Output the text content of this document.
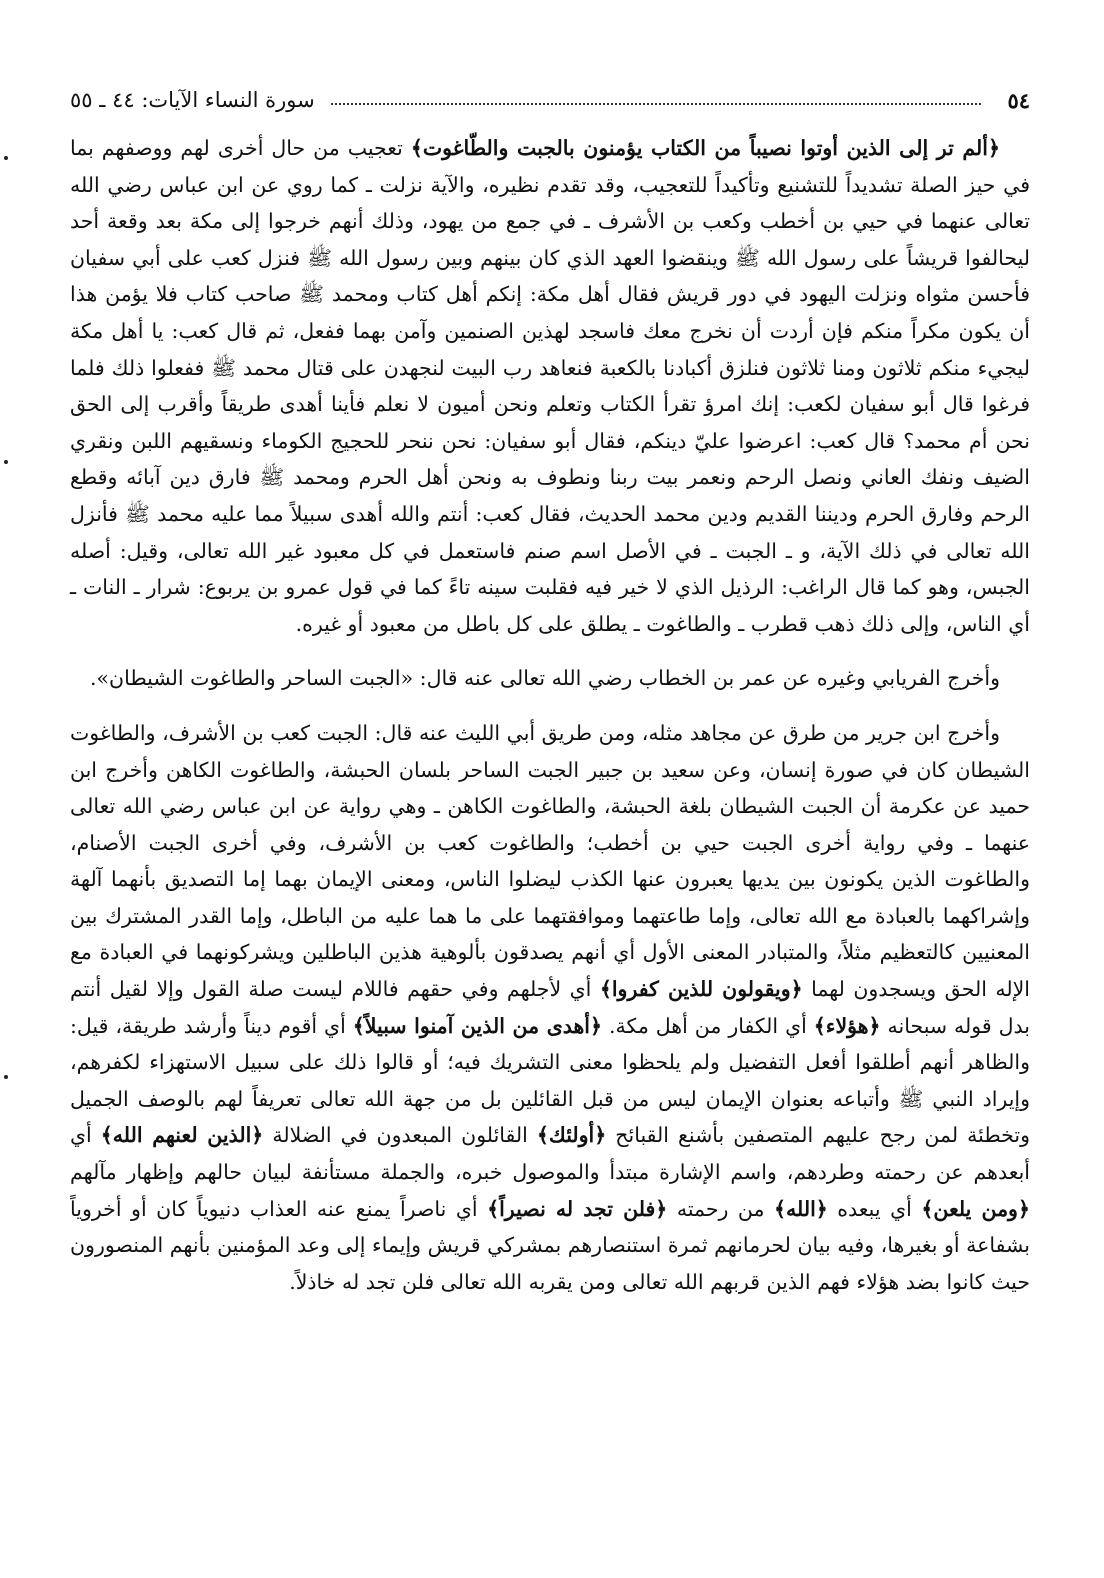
٥٤
سورة النساء الآيات: ٤٤ ـ ٥٥

﴿ألم تر إلى الذين أوتوا نصيباً من الكتاب يؤمنون بالجبت والطّاغوت﴾ تعجيب من حال أخرى لهم ووصفهم بما في حيز الصلة تشديداً للتشنيع وتأكيداً للتعجيب، وقد تقدم نظيره، والآية نزلت ـ كما روي عن ابن عباس رضي الله تعالى عنهما في حيي بن أخطب وكعب بن الأشرف ـ في جمع من يهود، وذلك أنهم خرجوا إلى مكة بعد وقعة أحد ليحالفوا قريشاً على رسول الله ﷺ وينقضوا العهد الذي كان بينهم وبين رسول الله ﷺ فنزل كعب على أبي سفيان فأحسن مثواه ونزلت اليهود في دور قريش فقال أهل مكة: إنكم أهل كتاب ومحمد ﷺ صاحب كتاب فلا يؤمن هذا أن يكون مكراً منكم فإن أردت أن نخرج معك فاسجد لهذين الصنمين وآمن بهما ففعل، ثم قال كعب: يا أهل مكة ليجيء منكم ثلاثون ومنا ثلاثون فنلزق أكبادنا بالكعبة فنعاهد رب البيت لنجهدن على قتال محمد ﷺ ففعلوا ذلك فلما فرغوا قال أبو سفيان لكعب: إنك امرؤ تقرأ الكتاب وتعلم ونحن أميون لا نعلم فأينا أهدى طريقاً وأقرب إلى الحق نحن أم محمد؟ قال كعب: اعرضوا عليّ دينكم، فقال أبو سفيان: نحن ننحر للحجيج الكوماء ونسقيهم اللبن ونقري الضيف ونفك العاني ونصل الرحم ونعمر بيت ربنا ونطوف به ونحن أهل الحرم ومحمد ﷺ فارق دين آبائه وقطع الرحم وفارق الحرم وديننا القديم ودين محمد الحديث، فقال كعب: أنتم والله أهدى سبيلاً مما عليه محمد ﷺ فأنزل الله تعالى في ذلك الآية، و ـ الجبت ـ في الأصل اسم صنم فاستعمل في كل معبود غير الله تعالى، وقيل: أصله الجبس، وهو كما قال الراغب: الرذيل الذي لا خير فيه فقلبت سينه تاءً كما في قول عمرو بن يربوع: شرار ـ النات ـ أي الناس، وإلى ذلك ذهب قطرب ـ والطاغوت ـ يطلق على كل باطل من معبود أو غيره.

وأخرج الفريابي وغيره عن عمر بن الخطاب رضي الله تعالى عنه قال: «الجبت الساحر والطاغوت الشيطان».

وأخرج ابن جرير من طرق عن مجاهد مثله، ومن طريق أبي الليث عنه قال: الجبت كعب بن الأشرف، والطاغوت الشيطان كان في صورة إنسان، وعن سعيد بن جبير الجبت الساحر بلسان الحبشة، والطاغوت الكاهن وأخرج ابن حميد عن عكرمة أن الجبت الشيطان بلغة الحبشة، والطاغوت الكاهن ـ وهي رواية عن ابن عباس رضي الله تعالى عنهما ـ وفي رواية أخرى الجبت حيي بن أخطب؛ والطاغوت كعب بن الأشرف، وفي أخرى الجبت الأصنام، والطاغوت الذين يكونون بين يديها يعبرون عنها الكذب ليضلوا الناس، ومعنى الإيمان بهما إما التصديق بأنهما آلهة وإشراكهما بالعبادة مع الله تعالى، وإما طاعتهما وموافقتهما على ما هما عليه من الباطل، وإما القدر المشترك بين المعنيين كالتعظيم مثلاً، والمتبادر المعنى الأول أي أنهم يصدقون بألوهية هذين الباطلين ويشركونهما في العبادة مع الإله الحق ويسجدون لهما ﴿ويقولون للذين كفروا﴾ أي لأجلهم وفي حقهم فاللام ليست صلة القول وإلا لقيل أنتم بدل قوله سبحانه ﴿هؤلاء﴾ أي الكفار من أهل مكة. ﴿أهدى من الذين آمنوا سبيلاً﴾ أي أقوم ديناً وأرشد طريقة، قيل: والظاهر أنهم أطلقوا أفعل التفضيل ولم يلحظوا معنى التشريك فيه؛ أو قالوا ذلك على سبيل الاستهزاء لكفرهم، وإيراد النبي ﷺ وأتباعه بعنوان الإيمان ليس من قبل القائلين بل من جهة الله تعالى تعريفاً لهم بالوصف الجميل وتخطئة لمن رجح عليهم المتصفين بأشنع القبائح ﴿أولئك﴾ القائلون المبعدون في الضلالة ﴿الذين لعنهم الله﴾ أي أبعدهم عن رحمته وطردهم، واسم الإشارة مبتدأ والموصول خبره، والجملة مستأنفة لبيان حالهم وإظهار مآلهم ﴿ومن يلعن﴾ أي يبعده ﴿الله﴾ من رحمته ﴿فلن تجد له نصيراً﴾ أي ناصراً يمنع عنه العذاب دنيوياً كان أو أخروياً بشفاعة أو بغيرها، وفيه بيان لحرمانهم ثمرة استنصارهم بمشركي قريش وإيماء إلى وعد المؤمنين بأنهم المنصورون حيث كانوا بضد هؤلاء فهم الذين قربهم الله تعالى ومن يقربه الله تعالى فلن تجد له خاذلاً.
